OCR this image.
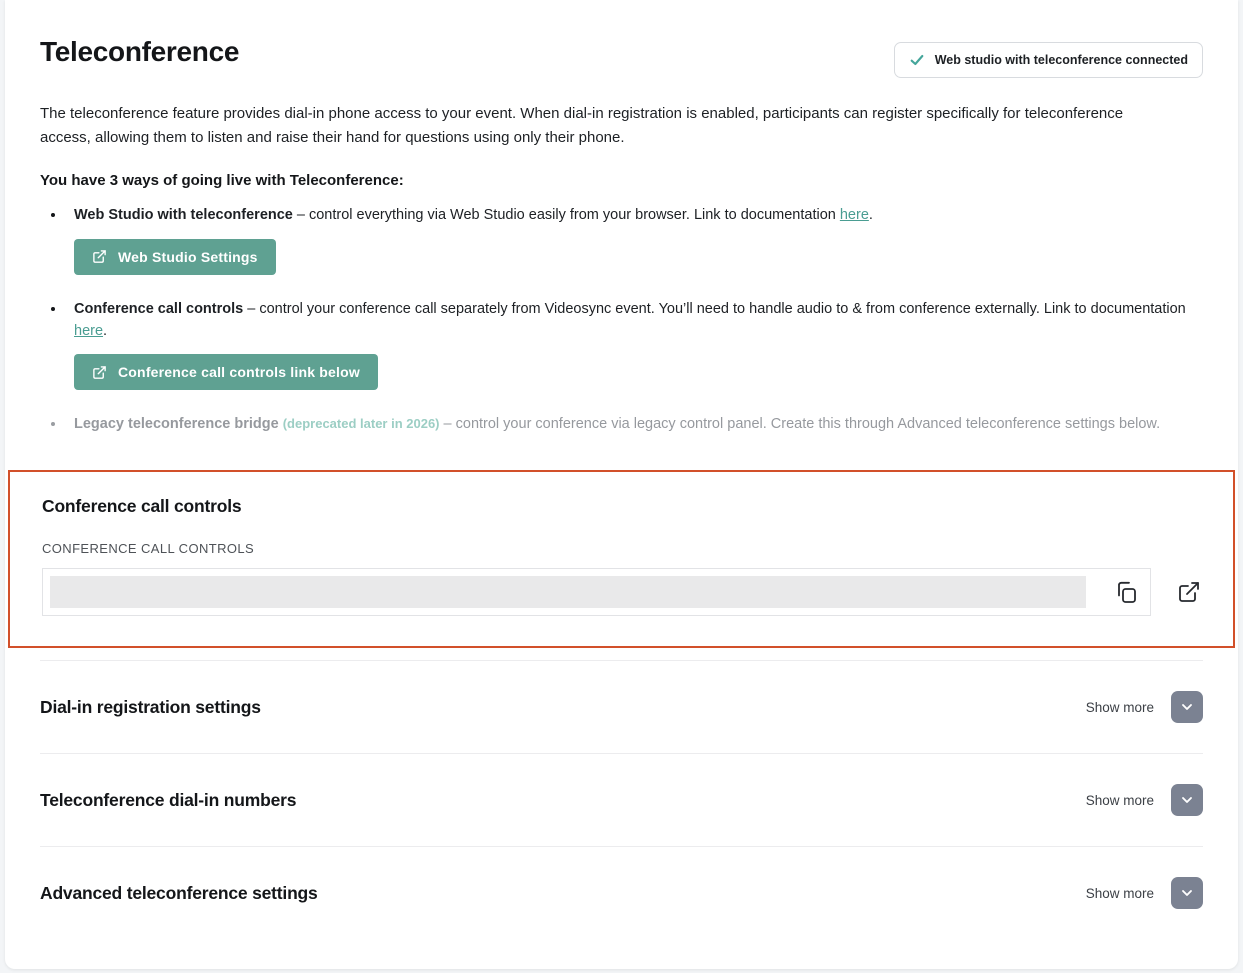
Teleconference	Web studio with teleconference connected

The teleconference feature provides dial-in phone access to your event. When dial-in registration is enabled, participants can register specifically for teleconference access, allowing them to listen and raise their hand for questions using only their phone.

You have 3 ways of going live with Teleconference:

• Web Studio with teleconference – control everything via Web Studio easily from your browser. Link to documentation here.
Web Studio Settings
• Conference call controls – control your conference call separately from Videosync event. You’ll need to handle audio to & from conference externally. Link to documentation here.
Conference call controls link below
• Legacy teleconference bridge (deprecated later in 2026) – control your conference via legacy control panel. Create this through Advanced teleconference settings below.
Conference call controls

CONFERENCE CALL CONTROLS

Dial-in registration settings	Show more
Teleconference dial-in numbers	Show more
Advanced teleconference settings	Show more
